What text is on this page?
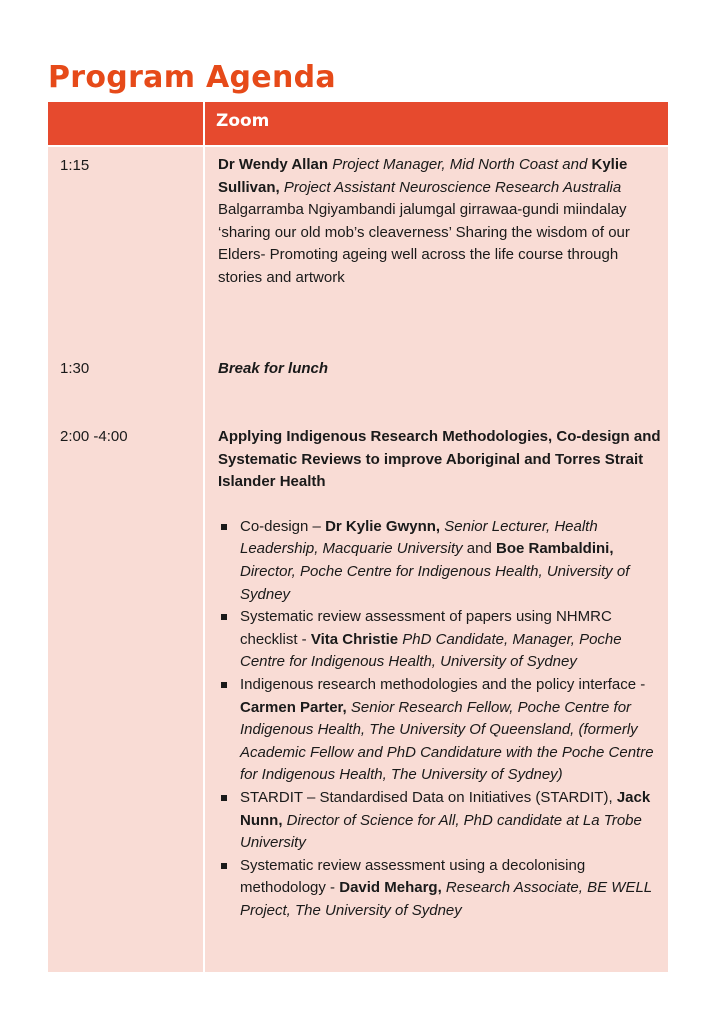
Program Agenda
Zoom
1:15	Dr Wendy Allan Project Manager, Mid North Coast and Kylie Sullivan, Project Assistant Neuroscience Research Australia
Balgarramba Ngiyambandi jalumgal girrawaa-gundi miindalay ‘sharing our old mob’s cleaverness’ Sharing the wisdom of our Elders- Promoting ageing well across the life course through stories and artwork
1:30	Break for lunch
2:00 -4:00	Applying Indigenous Research Methodologies, Co-design and Systematic Reviews to improve Aboriginal and Torres Strait Islander Health
Co-design – Dr Kylie Gwynn, Senior Lecturer, Health Leadership, Macquarie University and Boe Rambaldini, Director, Poche Centre for Indigenous Health, University of Sydney
Systematic review assessment of papers using NHMRC checklist - Vita Christie PhD Candidate, Manager, Poche Centre for Indigenous Health, University of Sydney
Indigenous research methodologies and the policy interface - Carmen Parter, Senior Research Fellow, Poche Centre for Indigenous Health, The University Of Queensland, (formerly Academic Fellow and PhD Candidature with the Poche Centre for Indigenous Health, The University of Sydney)
STARDIT – Standardised Data on Initiatives (STARDIT), Jack Nunn, Director of Science for All, PhD candidate at La Trobe University
Systematic review assessment using a decolonising methodology - David Meharg, Research Associate, BE WELL Project, The University of Sydney
